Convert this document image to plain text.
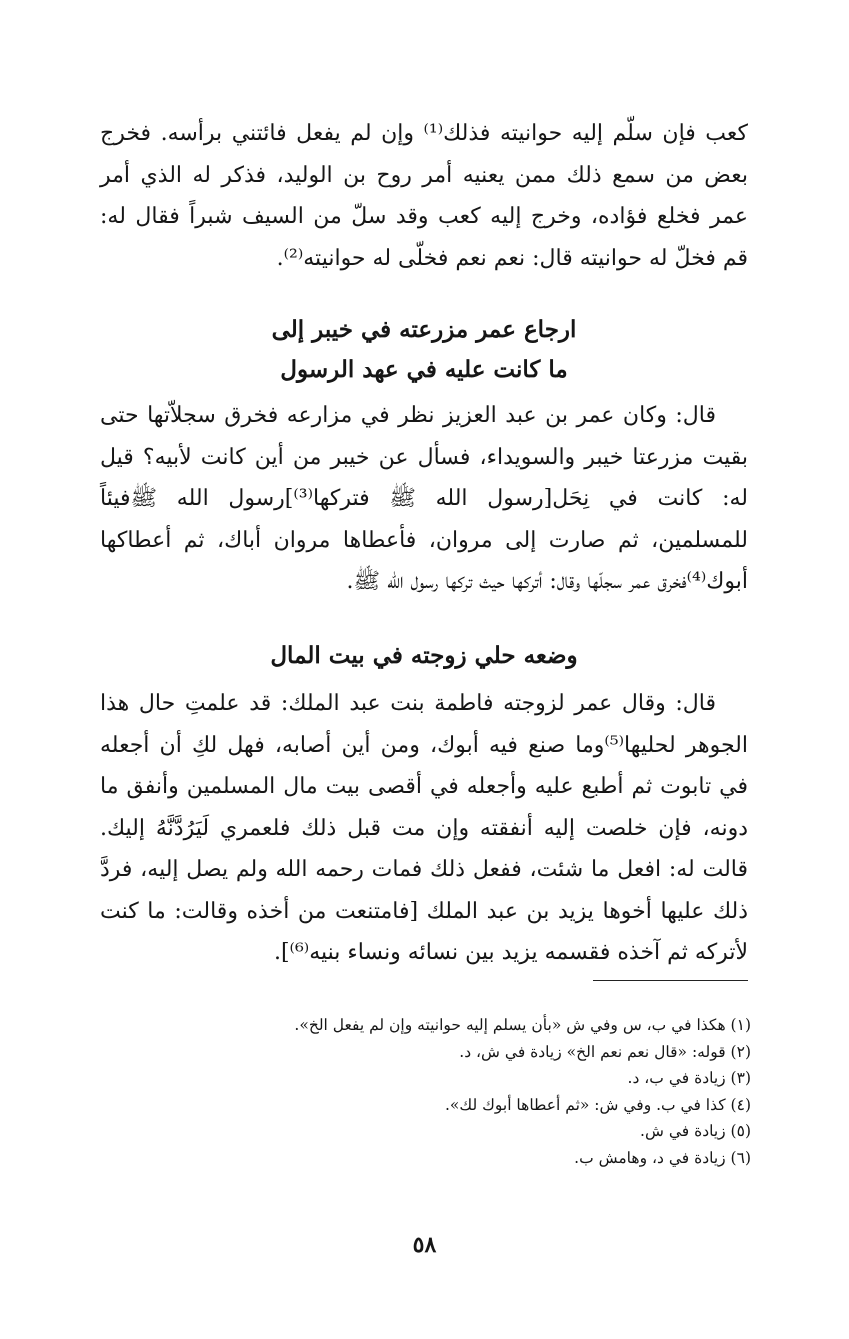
كعب فإن سلّم إليه حوانيته فذلك⁽¹⁾ وإن لم يفعل فائتني برأسه. فخرج بعض من سمع ذلك ممن يعنيه أمر روح بن الوليد، فذكر له الذي أمر عمر فخلع فؤاده، وخرج إليه كعب وقد سلّ من السيف شبراً فقال له: قم فخلّ له حوانيته قال: نعم نعم فخلّى له حوانيته⁽²⁾.

ارجاع عمر مزرعته في خيبر إلى
ما كانت عليه في عهد الرسول

قال: وكان عمر بن عبد العزيز نظر في مزارعه فخرق سجلاّتها حتى بقيت مزرعتا خيبر والسويداء، فسأل عن خيبر من أين كانت لأبيه؟ قيل له: كانت في نِحَل[رسول الله ﷺ فتركها⁽³⁾]رسول الله ﷺفيئاً للمسلمين، ثم صارت إلى مروان، فأعطاها مروان أباك، ثم أعطاكها أبوك⁽⁴⁾فخرق عمر سجلّها وقال: أتركها حيث تركها رسول الله ﷺ.

وضعه حلي زوجته في بيت المال

قال: وقال عمر لزوجته فاطمة بنت عبد الملك: قد علمتِ حال هذا الجوهر لحليها⁽⁵⁾وما صنع فيه أبوك، ومن أين أصابه، فهل لكِ أن أجعله في تابوت ثم أطبع عليه وأجعله في أقصى بيت مال المسلمين وأنفق ما دونه، فإن خلصت إليه أنفقته وإن مت قبل ذلك فلعمري لَيَرُدَّنَّهُ إليك. قالت له: افعل ما شئت، ففعل ذلك فمات رحمه الله ولم يصل إليه، فردَّ ذلك عليها أخوها يزيد بن عبد الملك [فامتنعت من أخذه وقالت: ما كنت لأتركه ثم آخذه فقسمه يزيد بين نسائه ونساء بنيه⁽⁶⁾].

(١) هكذا في ب، س وفي ش «بأن يسلم إليه حوانيته وإن لم يفعل الخ».
(٢) قوله: «قال نعم نعم الخ» زيادة في ش، د.
(٣) زيادة في ب، د.
(٤) كذا في ب. وفي ش: «ثم أعطاها أبوك لك».
(٥) زيادة في ش.
(٦) زيادة في د، وهامش ب.
٥٨
